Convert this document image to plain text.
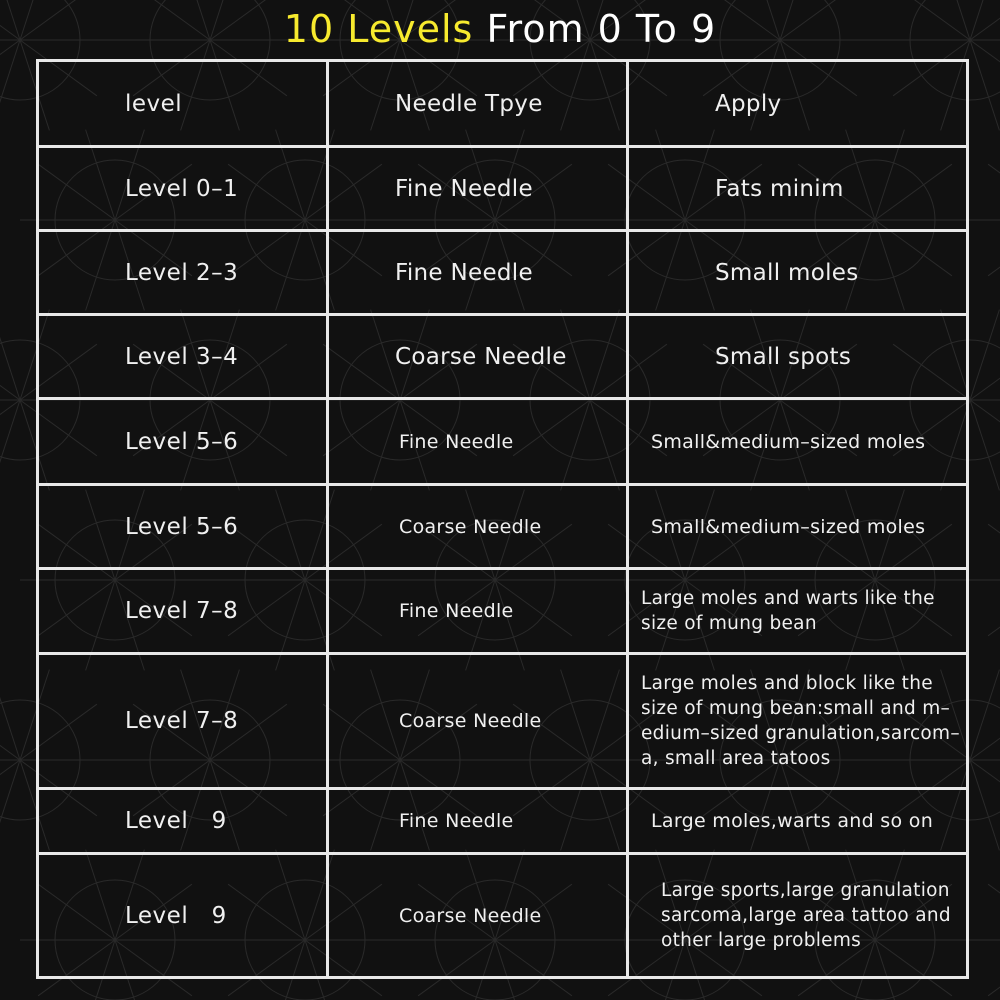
10 Levels From 0 To 9
level	Needle Tpye	Apply
Level 0–1	Fine Needle	Fats minim
Level 2–3	Fine Needle	Small moles
Level 3–4	Coarse Needle	Small spots
Level 5–6	Fine Needle	Small&medium–sized moles
Level 5–6	Coarse Needle	Small&medium–sized moles
Level 7–8	Fine Needle	Large moles and warts like the
size of mung bean

Level 7–8	Coarse Needle	Large moles and block like the
size of mung bean:small and m–
edium–sized granulation,sarcom–
a, small area tatoos

Level   9	Fine Needle	Large moles,warts and so on
Level   9	Coarse Needle	Large sports,large granulation
sarcoma,large area tattoo and
other large problems
